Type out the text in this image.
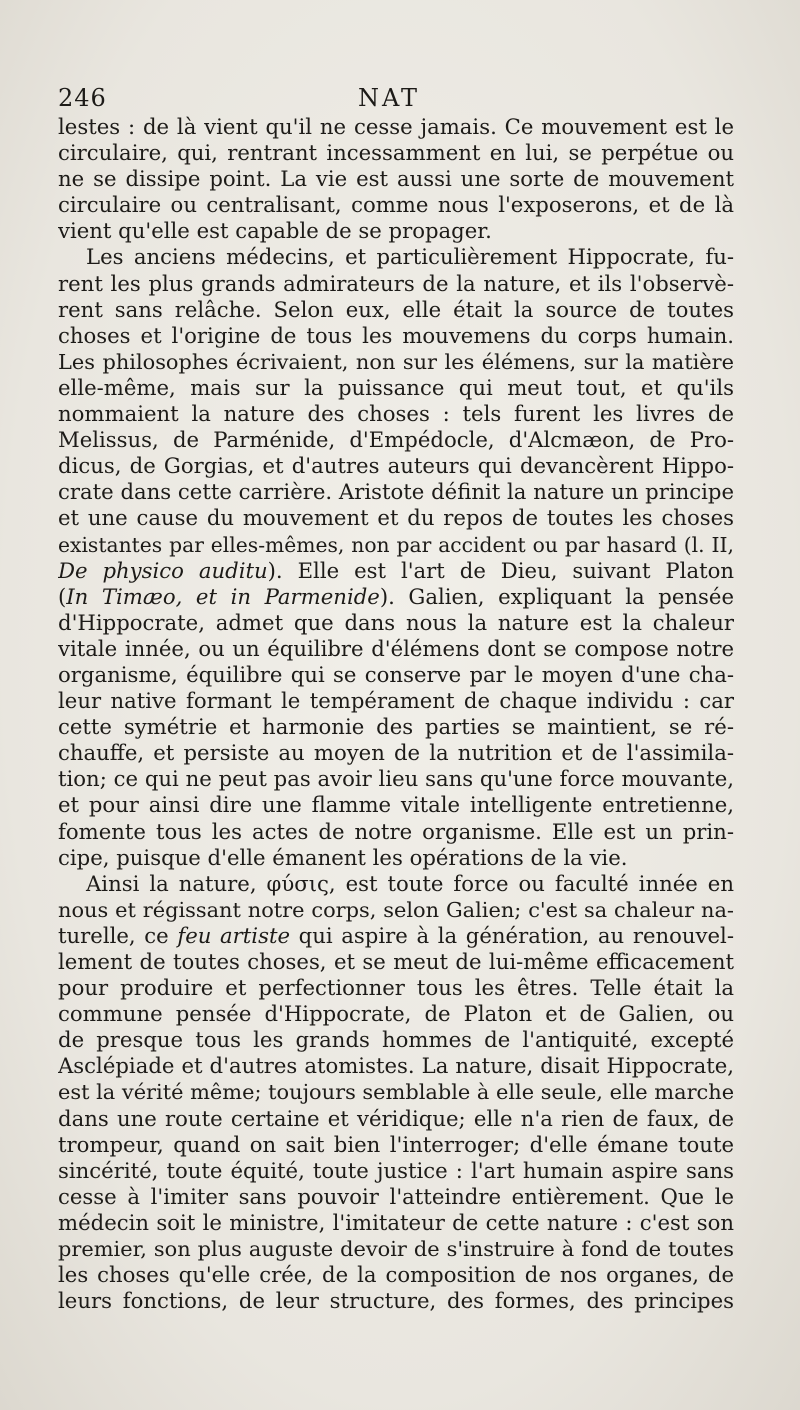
246	NAT
lestes : de là vient qu'il ne cesse jamais. Ce mouvement est le
circulaire, qui, rentrant incessamment en lui, se perpétue ou
ne se dissipe point. La vie est aussi une sorte de mouvement
circulaire ou centralisant, comme nous l'exposerons, et de là
vient qu'elle est capable de se propager.
Les anciens médecins, et particulièrement Hippocrate, fu-
rent les plus grands admirateurs de la nature, et ils l'observè-
rent sans relâche. Selon eux, elle était la source de toutes
choses et l'origine de tous les mouvemens du corps humain.
Les philosophes écrivaient, non sur les élémens, sur la matière
elle-même, mais sur la puissance qui meut tout, et qu'ils
nommaient la nature des choses : tels furent les livres de
Melissus, de Parménide, d'Empédocle, d'Alcmæon, de Pro-
dicus, de Gorgias, et d'autres auteurs qui devancèrent Hippo-
crate dans cette carrière. Aristote définit la nature un principe
et une cause du mouvement et du repos de toutes les choses
existantes par elles-mêmes, non par accident ou par hasard (l. II,
De physico auditu). Elle est l'art de Dieu, suivant Platon
(In Timæo, et in Parmenide). Galien, expliquant la pensée
d'Hippocrate, admet que dans nous la nature est la chaleur
vitale innée, ou un équilibre d'élémens dont se compose notre
organisme, équilibre qui se conserve par le moyen d'une cha-
leur native formant le tempérament de chaque individu : car
cette symétrie et harmonie des parties se maintient, se ré-
chauffe, et persiste au moyen de la nutrition et de l'assimila-
tion; ce qui ne peut pas avoir lieu sans qu'une force mouvante,
et pour ainsi dire une flamme vitale intelligente entretienne,
fomente tous les actes de notre organisme. Elle est un prin-
cipe, puisque d'elle émanent les opérations de la vie.
Ainsi la nature, φύσις, est toute force ou faculté innée en
nous et régissant notre corps, selon Galien; c'est sa chaleur na-
turelle, ce feu artiste qui aspire à la génération, au renouvel-
lement de toutes choses, et se meut de lui-même efficacement
pour produire et perfectionner tous les êtres. Telle était la
commune pensée d'Hippocrate, de Platon et de Galien, ou
de presque tous les grands hommes de l'antiquité, excepté
Asclépiade et d'autres atomistes. La nature, disait Hippocrate,
est la vérité même; toujours semblable à elle seule, elle marche
dans une route certaine et véridique; elle n'a rien de faux, de
trompeur, quand on sait bien l'interroger; d'elle émane toute
sincérité, toute équité, toute justice : l'art humain aspire sans
cesse à l'imiter sans pouvoir l'atteindre entièrement. Que le
médecin soit le ministre, l'imitateur de cette nature : c'est son
premier, son plus auguste devoir de s'instruire à fond de toutes
les choses qu'elle crée, de la composition de nos organes, de
leurs fonctions, de leur structure, des formes, des principes
